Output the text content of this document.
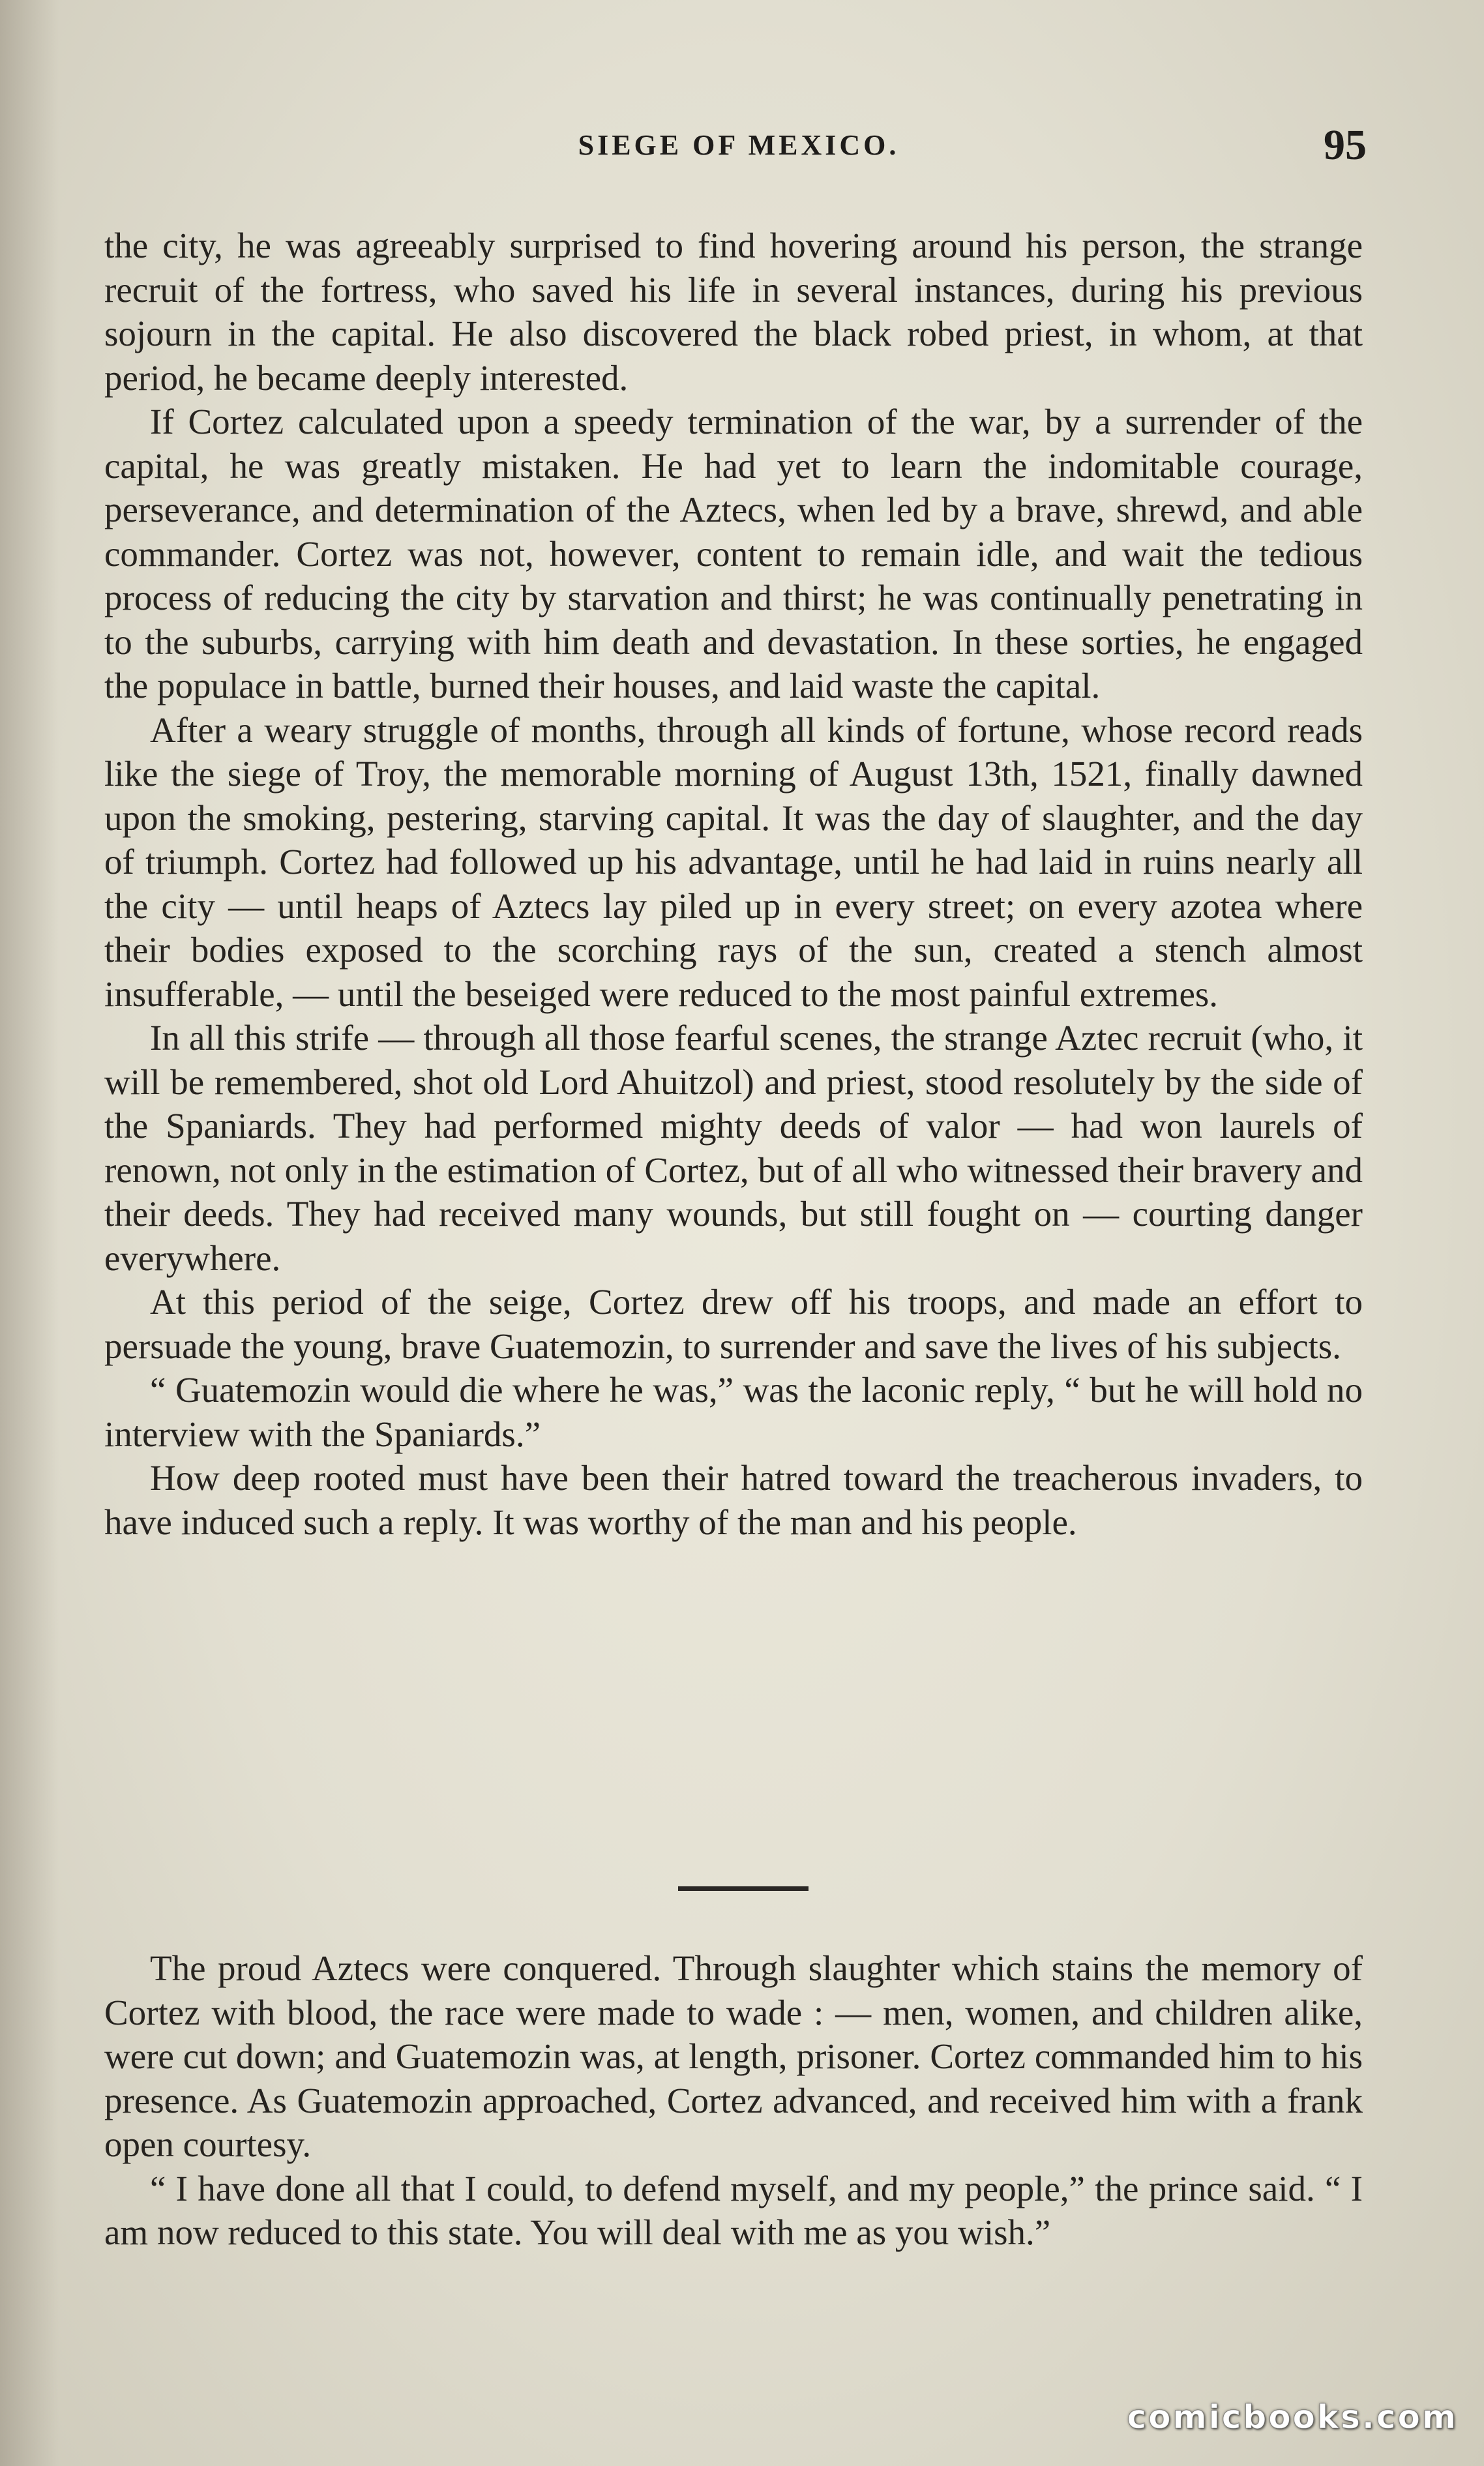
SIEGE OF MEXICO.	95

the city, he was agreeably surprised to find hovering around his person, the strange recruit of the fortress, who saved his life in several instances, during his previous sojourn in the capital. He also discovered the black robed priest, in whom, at that period, he became deeply interested.

If Cortez calculated upon a speedy termination of the war, by a surrender of the capital, he was greatly mistaken. He had yet to learn the indomitable courage, perseverance, and determination of the Aztecs, when led by a brave, shrewd, and able commander. Cortez was not, however, content to remain idle, and wait the tedious process of reducing the city by starvation and thirst; he was continually penetrating in to the suburbs, carrying with him death and devastation. In these sorties, he engaged the populace in battle, burned their houses, and laid waste the capital.

After a weary struggle of months, through all kinds of fortune, whose record reads like the siege of Troy, the memorable morning of August 13th, 1521, finally dawned upon the smoking, pestering, starving capital. It was the day of slaughter, and the day of triumph. Cortez had followed up his advantage, until he had laid in ruins nearly all the city — until heaps of Aztecs lay piled up in every street; on every azotea where their bodies exposed to the scorching rays of the sun, created a stench almost insufferable, — until the beseiged were reduced to the most painful extremes.

In all this strife — through all those fearful scenes, the strange Aztec recruit (who, it will be remembered, shot old Lord Ahuitzol) and priest, stood resolutely by the side of the Spaniards. They had performed mighty deeds of valor — had won laurels of renown, not only in the estimation of Cortez, but of all who witnessed their bravery and their deeds. They had received many wounds, but still fought on — courting danger everywhere.

At this period of the seige, Cortez drew off his troops, and made an effort to persuade the young, brave Guatemozin, to surrender and save the lives of his subjects.

“ Guatemozin would die where he was,” was the laconic reply, “ but he will hold no interview with the Spaniards.”

How deep rooted must have been their hatred toward the treacherous invaders, to have induced such a reply. It was worthy of the man and his people.

The proud Aztecs were conquered. Through slaughter which stains the memory of Cortez with blood, the race were made to wade : — men, women, and children alike, were cut down; and Guatemozin was, at length, prisoner. Cortez commanded him to his presence. As Guatemozin approached, Cortez advanced, and received him with a frank open courtesy.

“ I have done all that I could, to defend myself, and my people,” the prince said. “ I am now reduced to this state. You will deal with me as you wish.”

comicbooks.com
